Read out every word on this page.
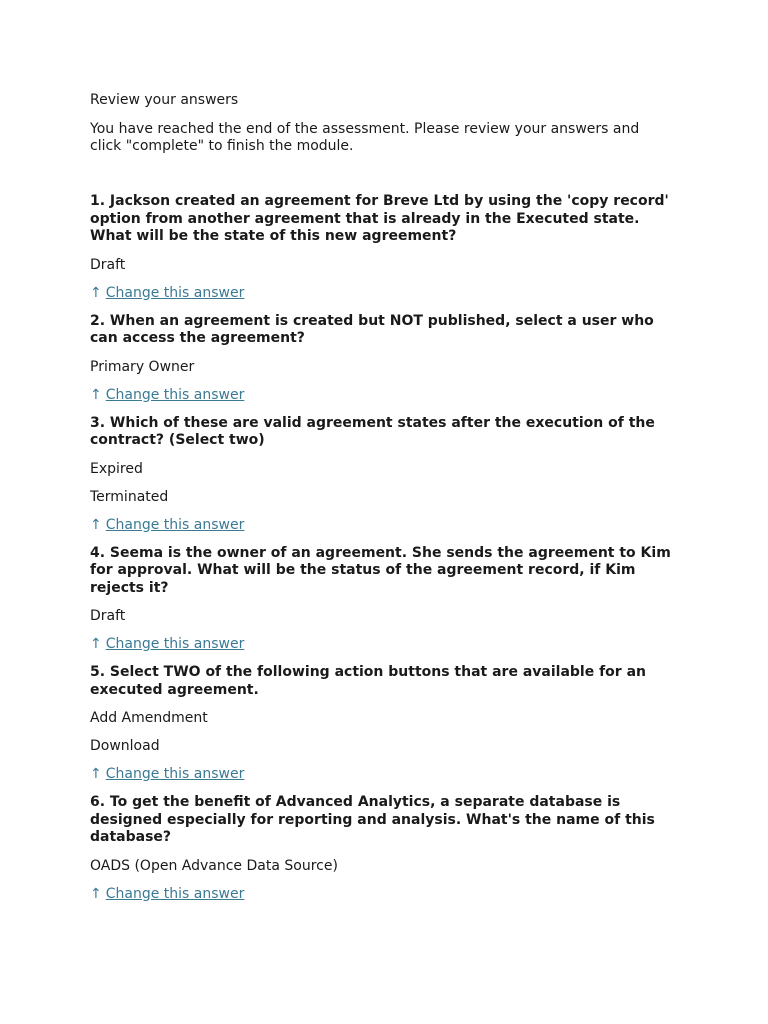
Review your answers

You have reached the end of the assessment. Please review your answers and click "complete" to finish the module.

1. Jackson created an agreement for Breve Ltd by using the 'copy record' option from another agreement that is already in the Executed state. What will be the state of this new agreement?

Draft

↑ Change this answer

2. When an agreement is created but NOT published, select a user who can access the agreement?

Primary Owner

↑ Change this answer

3. Which of these are valid agreement states after the execution of the contract? (Select two)

Expired

Terminated

↑ Change this answer

4. Seema is the owner of an agreement. She sends the agreement to Kim for approval. What will be the status of the agreement record, if Kim rejects it?

Draft

↑ Change this answer

5. Select TWO of the following action buttons that are available for an executed agreement.

Add Amendment

Download

↑ Change this answer

6. To get the benefit of Advanced Analytics, a separate database is designed especially for reporting and analysis. What's the name of this database?

OADS (Open Advance Data Source)

↑ Change this answer
